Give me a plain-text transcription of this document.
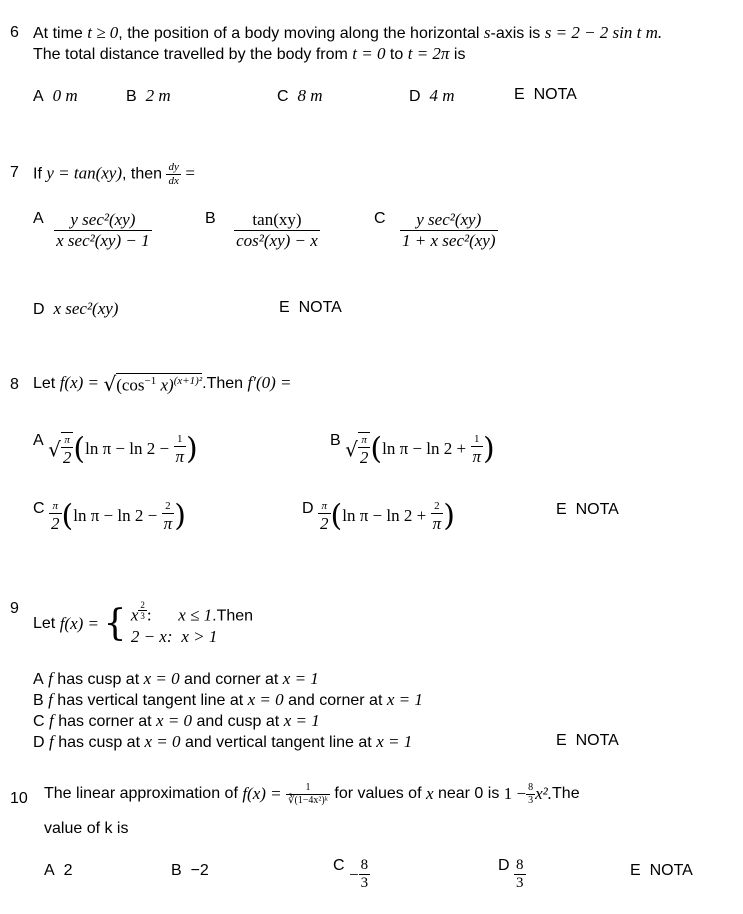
6 At time t ≥ 0, the position of a body moving along the horizontal s-axis is s = 2 − 2 sin t m.
The total distance travelled by the body from t = 0 to t = 2π is
A 0 m	B 2 m	C 8 m	D 4 m	E NOTA
7 If y = tan(xy), then $\frac{dy}{dx}$ =
A $\frac{\text{y sec²(xy)}}{\text{x sec²(xy) − 1}}$	B $\frac{\tan(xy)}{\text{cos²(xy) − x}}$	C $\frac{\text{y sec²(xy)}}{\text{1 + x sec²(xy)}}$
D x sec²(xy)	E NOTA
8 Let $f(x) = √(\cos^{-1}$ x)$^{(x+1)^2}$.Then f′(0) =
A √ $\frac{\pi}{2} (\ln$ $\pi - \ln 2 - \frac{1}{\pi}$ )	B √ $\frac{\pi}{2} (\ln$ $\pi - \ln 2 + \frac{1}{\pi}$ )
C $\frac{\pi}{2} (\ln$ $\pi - \ln 2 - \frac{2}{\pi}$ )	D $\frac{\pi}{2} (\ln$ $\pi - \ln 2 + \frac{2}{\pi}$ )	E NOTA
9
Let f(x) = { x $^{\frac{2}{3}}$ : x ≤ 1.Then
2 − x: x > 1
A f has cusp at x = 0 and corner at x = 1
B f has vertical tangent line at x = 0 and corner at x = 1
C f has corner at x = 0 and cusp at x = 1
D f has cusp at x = 0 and vertical tangent line at x = 1	E NOTA
10 The linear approximation of $f(x) = \frac{1}{\text{∛(1−4x²)ᵏ}}$ for values of x near 0 is $1 - \frac{8}{3} x^2.The$
value of k is
A 2	B −2	$C - \frac{8}{3}$	D $\frac{8}{3}$	E NOTA
